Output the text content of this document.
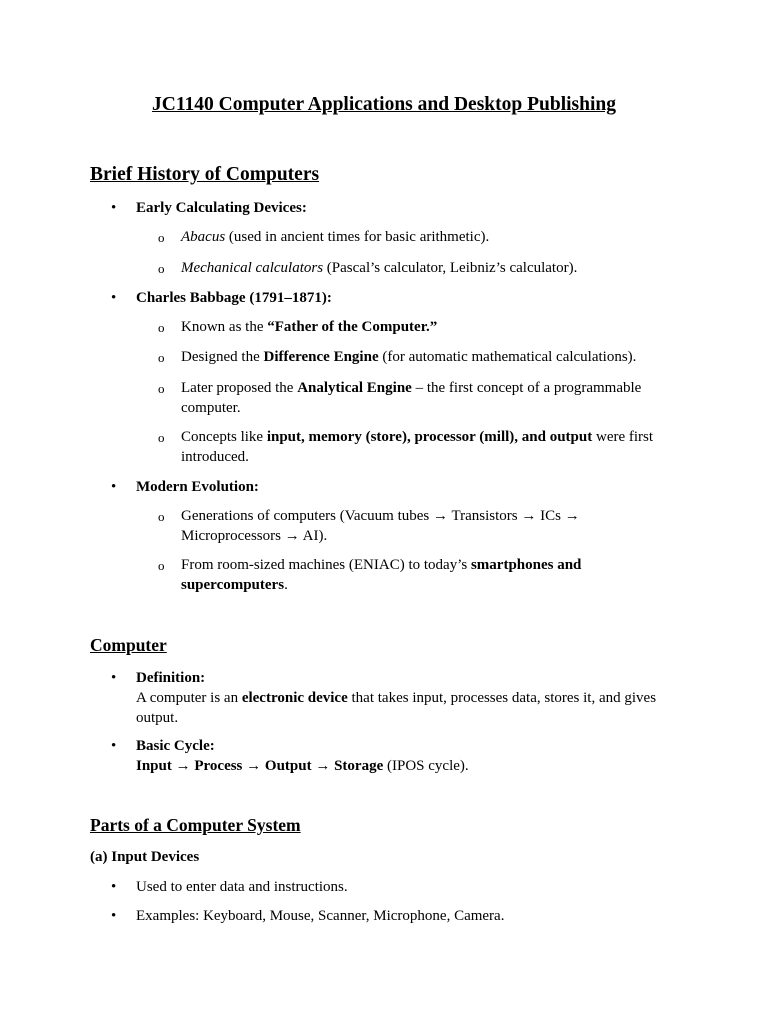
JC1140 Computer Applications and Desktop Publishing
Brief History of Computers
•	Early Calculating Devices:
o	Abacus (used in ancient times for basic arithmetic).
o	Mechanical calculators (Pascal’s calculator, Leibniz’s calculator).
•	Charles Babbage (1791–1871):
o	Known as the “Father of the Computer.”
o	Designed the Difference Engine (for automatic mathematical calculations).
o	Later proposed the Analytical Engine – the first concept of a programmable computer.
o	Concepts like input, memory (store), processor (mill), and output were first introduced.
•	Modern Evolution:
o	Generations of computers (Vacuum tubes → Transistors → ICs → Microprocessors → AI).
o	From room-sized machines (ENIAC) to today’s smartphones and supercomputers.
Computer
•	Definition:
A computer is an electronic device that takes input, processes data, stores it, and gives output.
•	Basic Cycle:
Input → Process → Output → Storage (IPOS cycle).
Parts of a Computer System
(a) Input Devices
•	Used to enter data and instructions.
•	Examples: Keyboard, Mouse, Scanner, Microphone, Camera.
